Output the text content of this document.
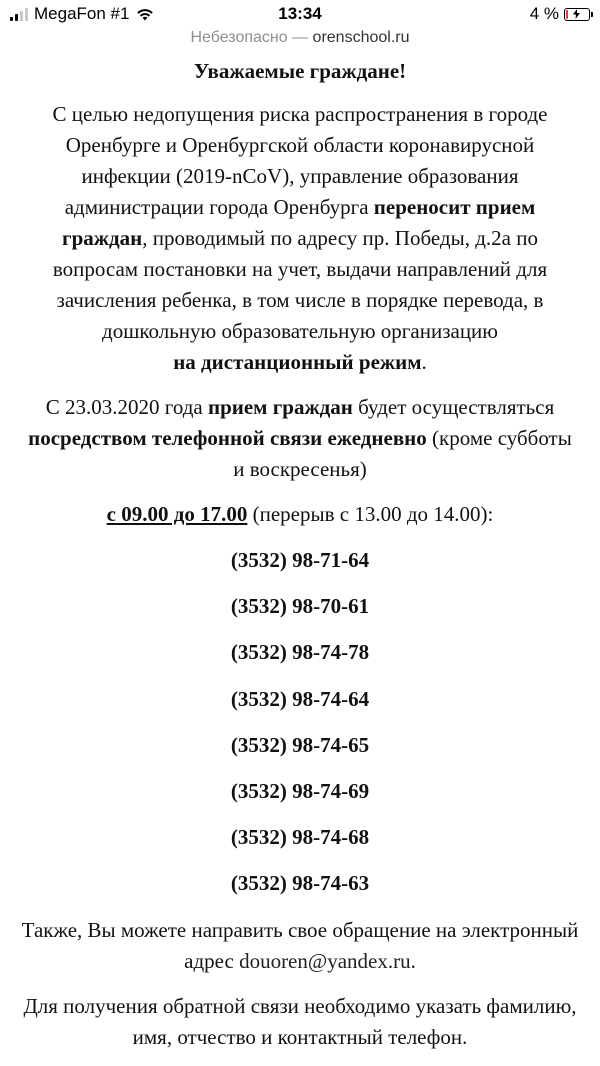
MegaFon #1	13:34	4 %
Небезопасно — orenschool.ru
Уважаемые граждане!

С целью недопущения риска распространения в городе Оренбурге и Оренбургской области коронавирусной инфекции (2019-nCoV), управление образования администрации города Оренбурга переносит прием граждан, проводимый по адресу пр. Победы, д.2а по вопросам постановки на учет, выдачи направлений для зачисления ребенка, в том числе в порядке перевода, в дошкольную образовательную организацию
на дистанционный режим.

С 23.03.2020 года прием граждан будет осуществляться посредством телефонной связи ежедневно (кроме субботы и воскресенья)

с 09.00 до 17.00 (перерыв с 13.00 до 14.00):

(3532) 98-71-64
(3532) 98-70-61
(3532) 98-74-78
(3532) 98-74-64
(3532) 98-74-65
(3532) 98-74-69
(3532) 98-74-68
(3532) 98-74-63

Также, Вы можете направить свое обращение на электронный адрес douoren@yandex.ru.

Для получения обратной связи необходимо указать фамилию, имя, отчество и контактный телефон.
